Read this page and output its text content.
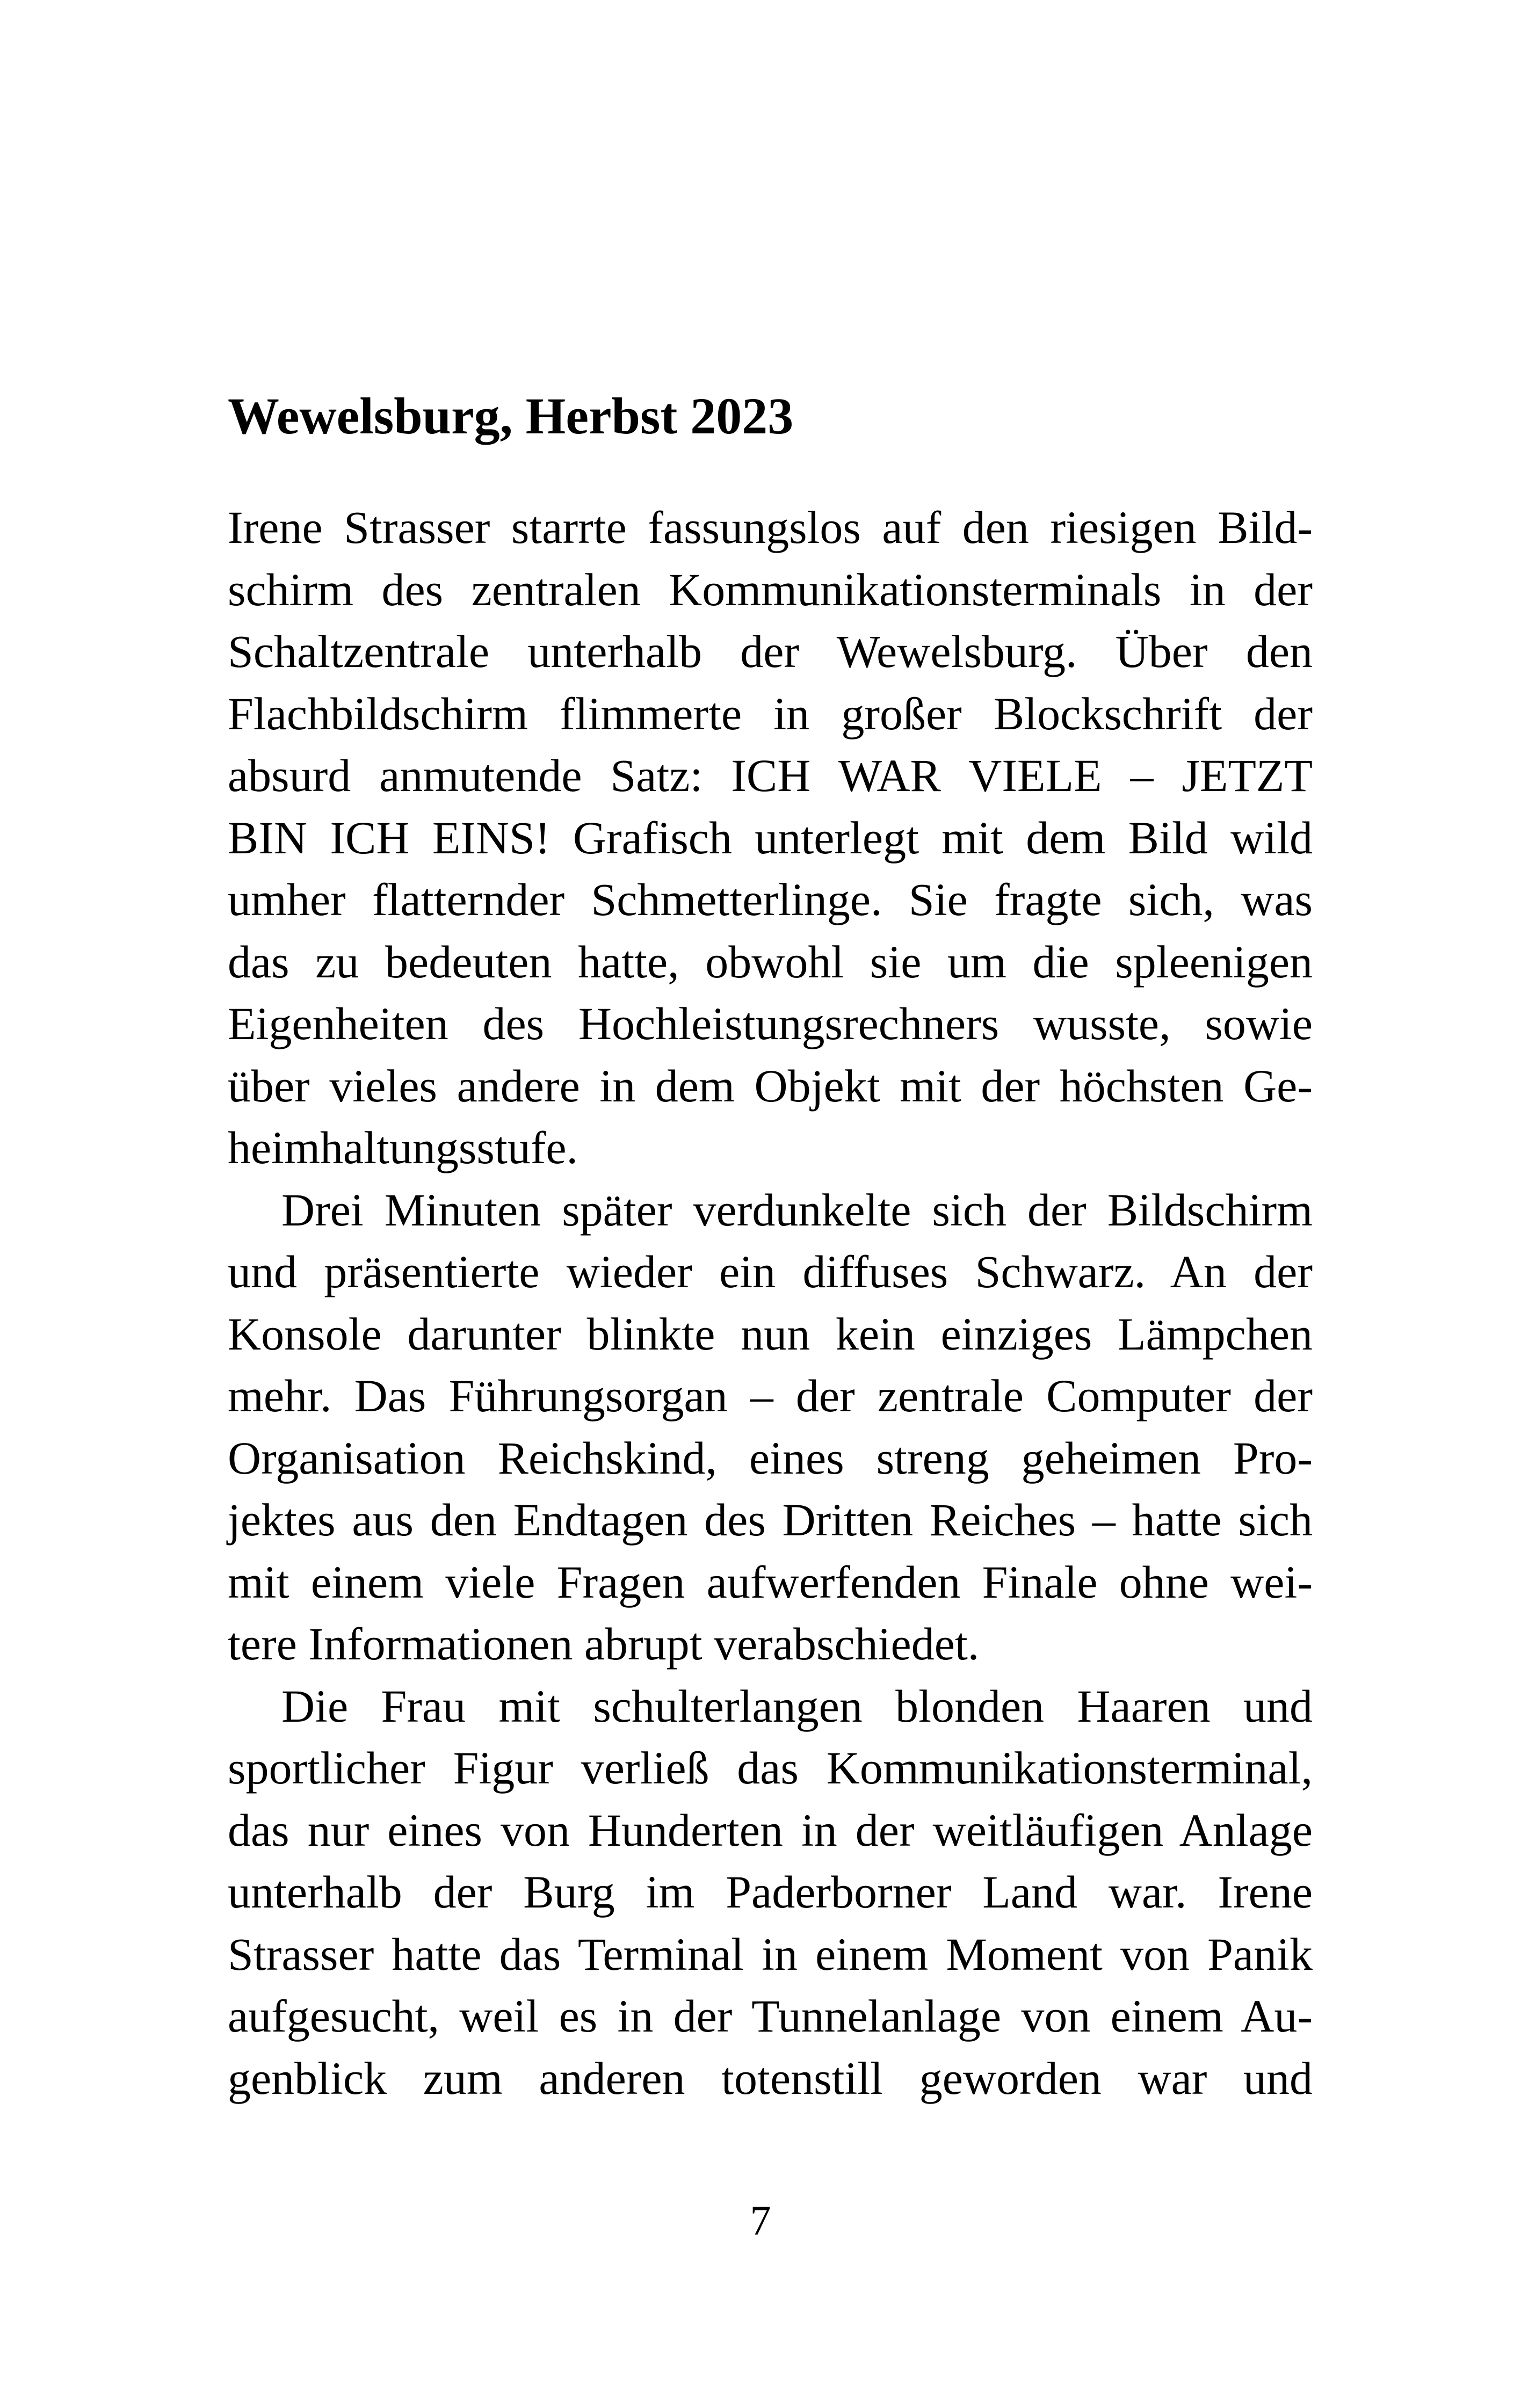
Wewelsburg, Herbst 2023
Irene Strasser starrte fassungslos auf den riesigen Bild-
schirm des zentralen Kommunikationsterminals in der
Schaltzentrale unterhalb der Wewelsburg. Über den
Flachbildschirm flimmerte in großer Blockschrift der
absurd anmutende Satz: ICH WAR VIELE – JETZT
BIN ICH EINS! Grafisch unterlegt mit dem Bild wild
umher flatternder Schmetterlinge. Sie fragte sich, was
das zu bedeuten hatte, obwohl sie um die spleenigen
Eigenheiten des Hochleistungsrechners wusste, sowie
über vieles andere in dem Objekt mit der höchsten Ge-
heimhaltungsstufe.
Drei Minuten später verdunkelte sich der Bildschirm
und präsentierte wieder ein diffuses Schwarz. An der
Konsole darunter blinkte nun kein einziges Lämpchen
mehr. Das Führungsorgan – der zentrale Computer der
Organisation Reichskind, eines streng geheimen Pro-
jektes aus den Endtagen des Dritten Reiches – hatte sich
mit einem viele Fragen aufwerfenden Finale ohne wei-
tere Informationen abrupt verabschiedet.
Die Frau mit schulterlangen blonden Haaren und
sportlicher Figur verließ das Kommunikationsterminal,
das nur eines von Hunderten in der weitläufigen Anlage
unterhalb der Burg im Paderborner Land war. Irene
Strasser hatte das Terminal in einem Moment von Panik
aufgesucht, weil es in der Tunnelanlage von einem Au-
genblick zum anderen totenstill geworden war und
7
